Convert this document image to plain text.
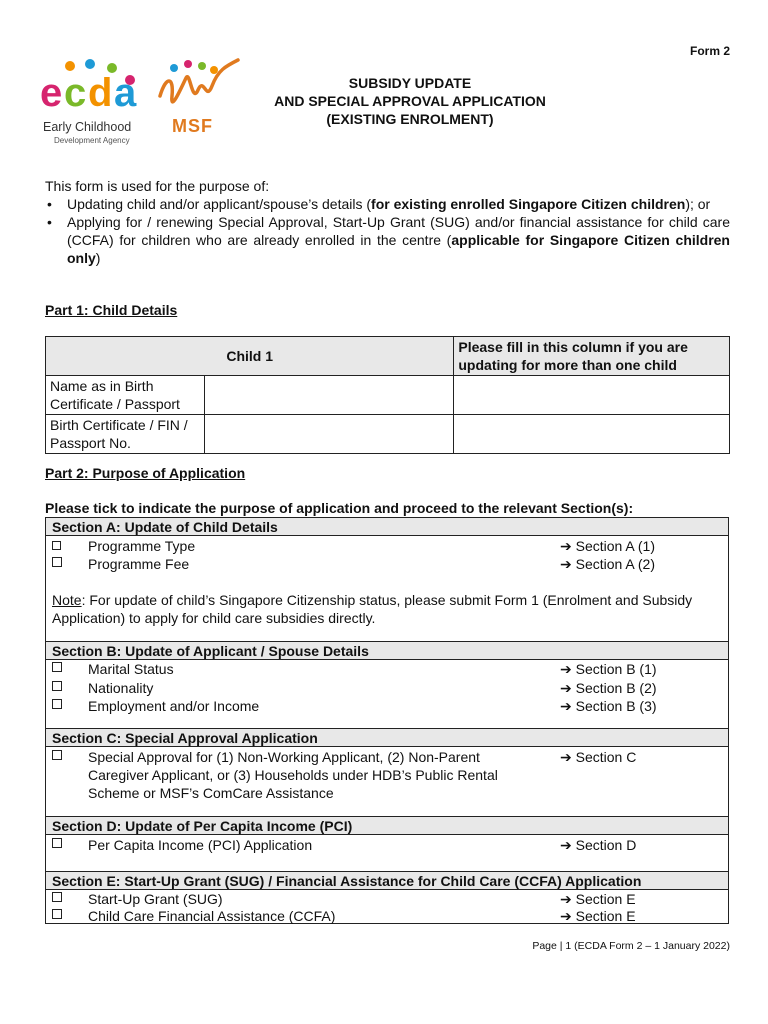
Form 2
e c d a
Early Childhood
Development Agency
MSF
SUBSIDY UPDATE
AND SPECIAL APPROVAL APPLICATION
(EXISTING ENROLMENT)
This form is used for the purpose of:
• Updating child and/or applicant/spouse’s details (for existing enrolled Singapore Citizen children); or
• Applying for / renewing Special Approval, Start-Up Grant (SUG) and/or financial assistance for child care (CCFA) for children who are already enrolled in the centre (applicable for Singapore Citizen children only)
Part 1: Child Details
Child 1		Please fill in this column if you are updating for more than one child
Name as in Birth Certificate / Passport		
Birth Certificate / FIN / Passport No.		
Part 2: Purpose of Application
Please tick to indicate the purpose of application and proceed to the relevant Section(s):
Section A: Update of Child Details
Programme Type	➔ Section A (1)
Programme Fee	➔ Section A (2)
Note: For update of child’s Singapore Citizenship status, please submit Form 1 (Enrolment and Subsidy Application) to apply for child care subsidies directly.
Section B: Update of Applicant / Spouse Details
Marital Status	➔ Section B (1)
Nationality	➔ Section B (2)
Employment and/or Income	➔ Section B (3)
Section C: Special Approval Application
Special Approval for (1) Non-Working Applicant, (2) Non-Parent	➔ Section C
Caregiver Applicant, or (3) Households under HDB’s Public Rental
Scheme or MSF’s ComCare Assistance
Section D: Update of Per Capita Income (PCI)
Per Capita Income (PCI) Application	➔ Section D
Section E: Start-Up Grant (SUG) / Financial Assistance for Child Care (CCFA) Application
Start-Up Grant (SUG)	➔ Section E
Child Care Financial Assistance (CCFA)	➔ Section E
Page | 1 (ECDA Form 2 – 1 January 2022)
